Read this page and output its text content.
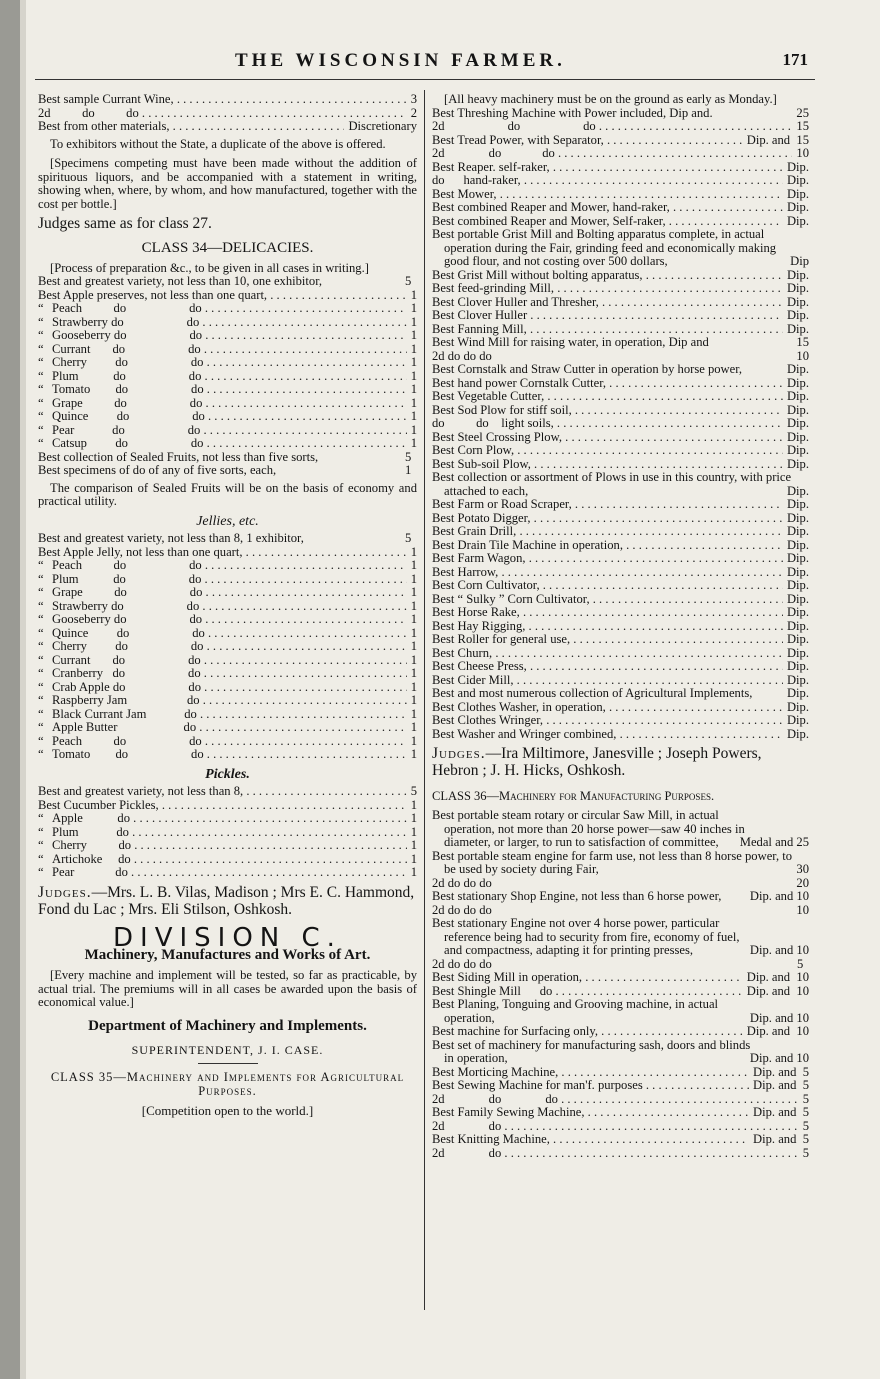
THE WISCONSIN FARMER.	171
Best sample Currant Wine, . . .	3
2d          do          do . . .	2
Best from other materials, . . .	Discretionary
To exhibitors without the State, a duplicate of the above is offered.
[Specimens competing must have been made without the addition of spirituous liquors, and be accompanied with a statement in writing, showing when, where, by whom, and how manufactured, together with the cost per bottle.]
Judges same as for class 27.
CLASS 34—DELICACIES.
[Process of preparation &c., to be given in all cases in writing.]
Best and greatest variety, not less than 10, one exhibitor,	5
Best Apple preserves, not less than one quart, . . .	1
“ Peach          do                    do . . .	1
“ Strawberry do                    do . . .	1
“ Gooseberry do                    do . . .	1
“ Currant       do                    do . . .	1
“ Cherry         do                    do . . .	1
“ Plum           do                    do . . .	1
“ Tomato        do                    do . . .	1
“ Grape          do                    do . . .	1
“ Quince         do                    do . . .	1
“ Pear            do                    do . . .	1
“ Catsup         do                    do . . .	1
Best collection of Sealed Fruits, not less than five sorts,	5
Best specimens of do of any of five sorts, each,	1
The comparison of Sealed Fruits will be on the basis of economy and practical utility.
Jellies, etc.
Best and greatest variety, not less than 8, 1 exhibitor,	5
Best Apple Jelly, not less than one quart, . . .	1
“ Peach          do                    do . . .	1
“ Plum           do                    do . . .	1
“ Grape          do                    do . . .	1
“ Strawberry do                    do . . .	1
“ Gooseberry do                    do . . .	1
“ Quince         do                    do . . .	1
“ Cherry         do                    do . . .	1
“ Currant       do                    do . . .	1
“ Cranberry   do                    do . . .	1
“ Crab Apple do                    do . . .	1
“ Raspberry Jam                   do . . .	1
“ Black Currant Jam            do . . .	1
“ Apple Butter                     do . . .	1
“ Peach          do                    do . . .	1
“ Tomato        do                    do . . .	1
Pickles.
Best and greatest variety, not less than 8, . . .	5
Best Cucumber Pickles, . . .	1
“ Apple           do . . .	1
“ Plum            do . . .	1
“ Cherry          do . . .	1
“ Artichoke     do . . .	1
“ Pear             do . . .	1
Judges.—Mrs. L. B. Vilas, Madison ; Mrs E. C. Hammond, Fond du Lac ; Mrs. Eli Stilson, Oshkosh.
DIVISION C.
Machinery, Manufactures and Works of Art.
[Every machine and implement will be tested, so far as practicable, by actual trial. The premiums will in all cases be awarded upon the basis of economical value.]
Department of Machinery and Implements.
SUPERINTENDENT, J. I. CASE.
CLASS 35—Machinery and Implements for Agricultural Purposes.
[Competition open to the world.]
[All heavy machinery must be on the ground as early as Monday.]
Best Threshing Machine with Power included, Dip and.	25
2d                    do                    do . . .	15
Best Tread Power, with Separator, . . .	Dip. and  15
2d              do             do . . .	10
Best Reaper. self-raker, . . .	Dip.
do      hand-raker, . . .	Dip.
Best Mower, . . .	Dip.
Best combined Reaper and Mower, hand-raker, . . .	Dip.
Best combined Reaper and Mower, Self-raker, . . .	Dip.
Best portable Grist Mill and Bolting apparatus complete, in actual operation during the Fair, grinding feed and economically making good flour, and not costing over 500 dollars,	Dip
Best Grist Mill without bolting apparatus, . . .	Dip.
Best feed-grinding Mill, . . .	Dip.
Best Clover Huller and Thresher, . . .	Dip.
Best Clover Huller . . .	Dip.
Best Fanning Mill, . . .	Dip.
Best Wind Mill for raising water, in operation, Dip and	15
2d do do do	10
Best Cornstalk and Straw Cutter in operation by horse power,	Dip.
Best hand power Cornstalk Cutter, . . .	Dip.
Best Vegetable Cutter, . . .	Dip.
Best Sod Plow for stiff soil, . . .	Dip.
do          do    light soils, . . .	Dip.
Best Steel Crossing Plow, . . .	Dip.
Best Corn Plow, . . .	Dip.
Best Sub-soil Plow, . . .	Dip.
Best collection or assortment of Plows in use in this country, with price attached to each,	Dip.
Best Farm or Road Scraper, . . .	Dip.
Best Potato Digger, . . .	Dip.
Best Grain Drill, . . .	Dip.
Best Drain Tile Machine in operation, . . .	Dip.
Best Farm Wagon, . . .	Dip.
Best Harrow, . . .	Dip.
Best Corn Cultivator, . . .	Dip.
Best “ Sulky ” Corn Cultivator, . . .	Dip.
Best Horse Rake, . . .	Dip.
Best Hay Rigging, . . .	Dip.
Best Roller for general use, . . .	Dip.
Best Churn, . . .	Dip.
Best Cheese Press, . . .	Dip.
Best Cider Mill, . . .	Dip.
Best and most numerous collection of Agricultural Implements,	Dip.
Best Clothes Washer, in operation, . . .	Dip.
Best Clothes Wringer, . . .	Dip.
Best Washer and Wringer combined, . . .	Dip.
Judges.—Ira Miltimore, Janesville ; Joseph Powers, Hebron ; J. H. Hicks, Oshkosh.
CLASS 36—Machinery for Manufacturing Purposes.
Best portable steam rotary or circular Saw Mill, in actual operation, not more than 20 horse power—saw 40 inches in diameter, or larger, to run to satisfaction of committee,	Medal and 25
Best portable steam engine for farm use, not less than 8 horse power, to be used by society during Fair,	30
2d do do do	20
Best stationary Shop Engine, not less than 6 horse power,	Dip. and 10
2d do do do	10
Best stationary Engine not over 4 horse power, particular reference being had to security from fire, economy of fuel, and compactness, adapting it for printing presses,	Dip. and 10
2d do do do	5
Best Siding Mill in operation, . . .	Dip. and  10
Best Shingle Mill      do . . .	Dip. and  10
Best Planing, Tonguing and Grooving machine, in actual operation,	Dip. and 10
Best machine for Surfacing only, . . .	Dip. and  10
Best set of machinery for manufacturing sash, doors and blinds in operation,	Dip. and 10
Best Morticing Machine, . . .	Dip. and  5
Best Sewing Machine for man'f. purposes . . .	Dip. and  5
2d              do              do . . .	5
Best Family Sewing Machine, . . .	Dip. and  5
2d              do . . .	5
Best Knitting Machine, . . .	Dip. and  5
2d              do . . .	5
